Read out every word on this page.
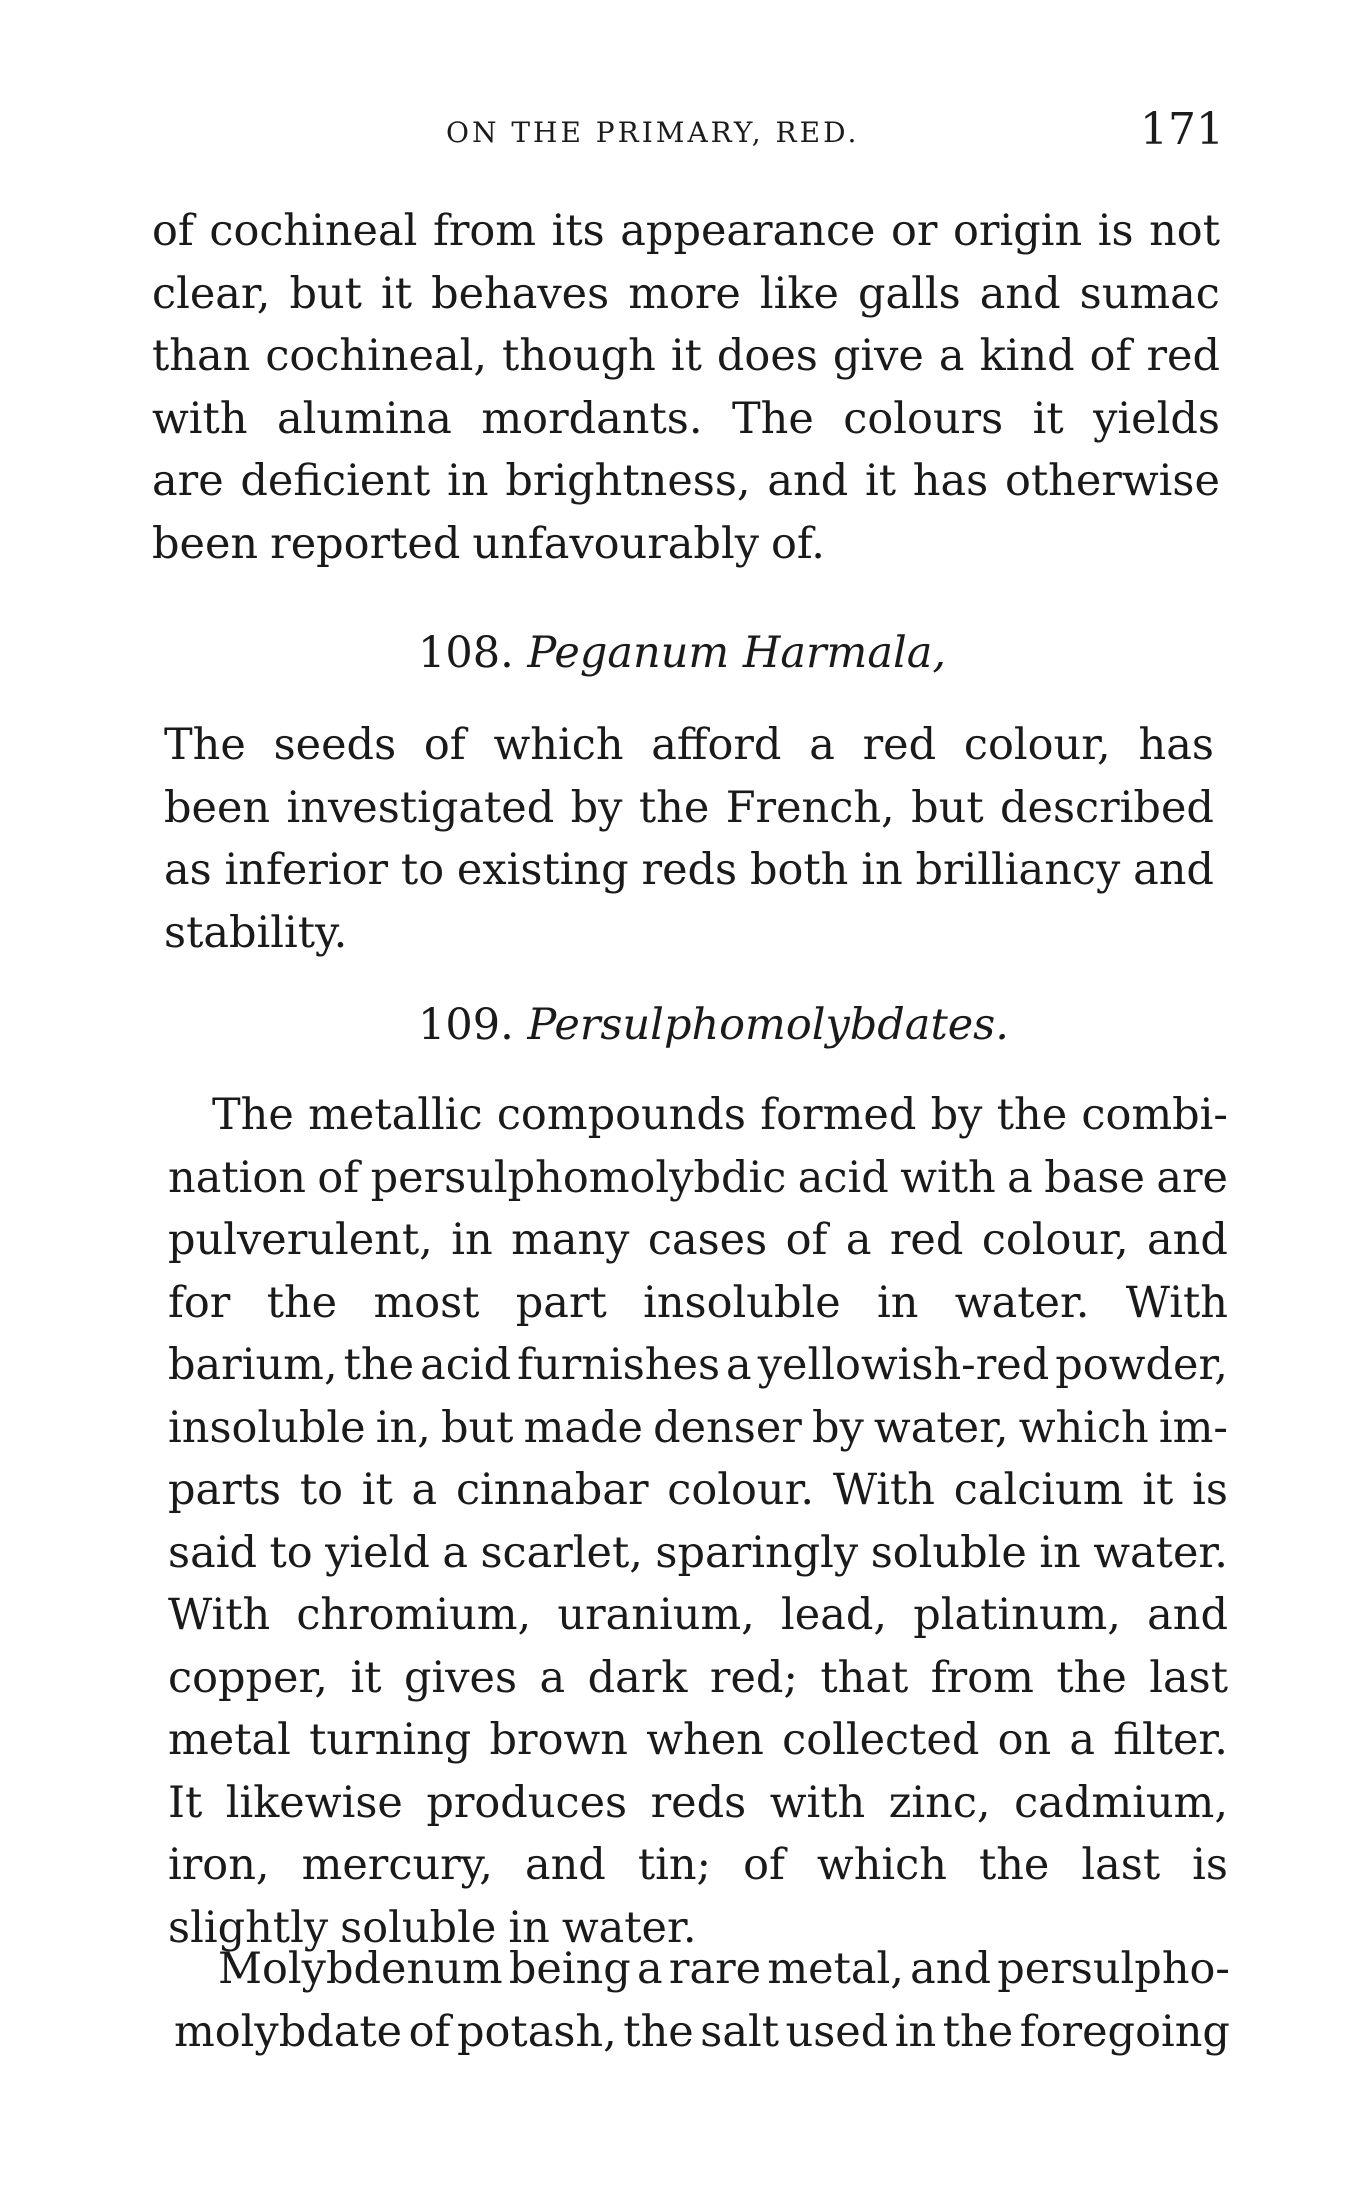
ON THE PRIMARY, RED.	171
of cochineal from its appearance or origin is not
clear, but it behaves more like galls and sumac
than cochineal, though it does give a kind of red
with alumina mordants. The colours it yields
are deficient in brightness, and it has otherwise
been reported unfavourably of.
108. Peganum Harmala,
The seeds of which afford a red colour, has
been investigated by the French, but described
as inferior to existing reds both in brilliancy and
stability.
109. Persulphomolybdates.
The metallic compounds formed by the combi-
nation of persulphomolybdic acid with a base are
pulverulent, in many cases of a red colour, and
for the most part insoluble in water. With
barium, the acid furnishes a yellowish-red powder,
insoluble in, but made denser by water, which im-
parts to it a cinnabar colour. With calcium it is
said to yield a scarlet, sparingly soluble in water.
With chromium, uranium, lead, platinum, and
copper, it gives a dark red; that from the last
metal turning brown when collected on a filter.
It likewise produces reds with zinc, cadmium,
iron, mercury, and tin; of which the last is
slightly soluble in water.
Molybdenum being a rare metal, and persulpho-
molybdate of potash, the salt used in the foregoing
